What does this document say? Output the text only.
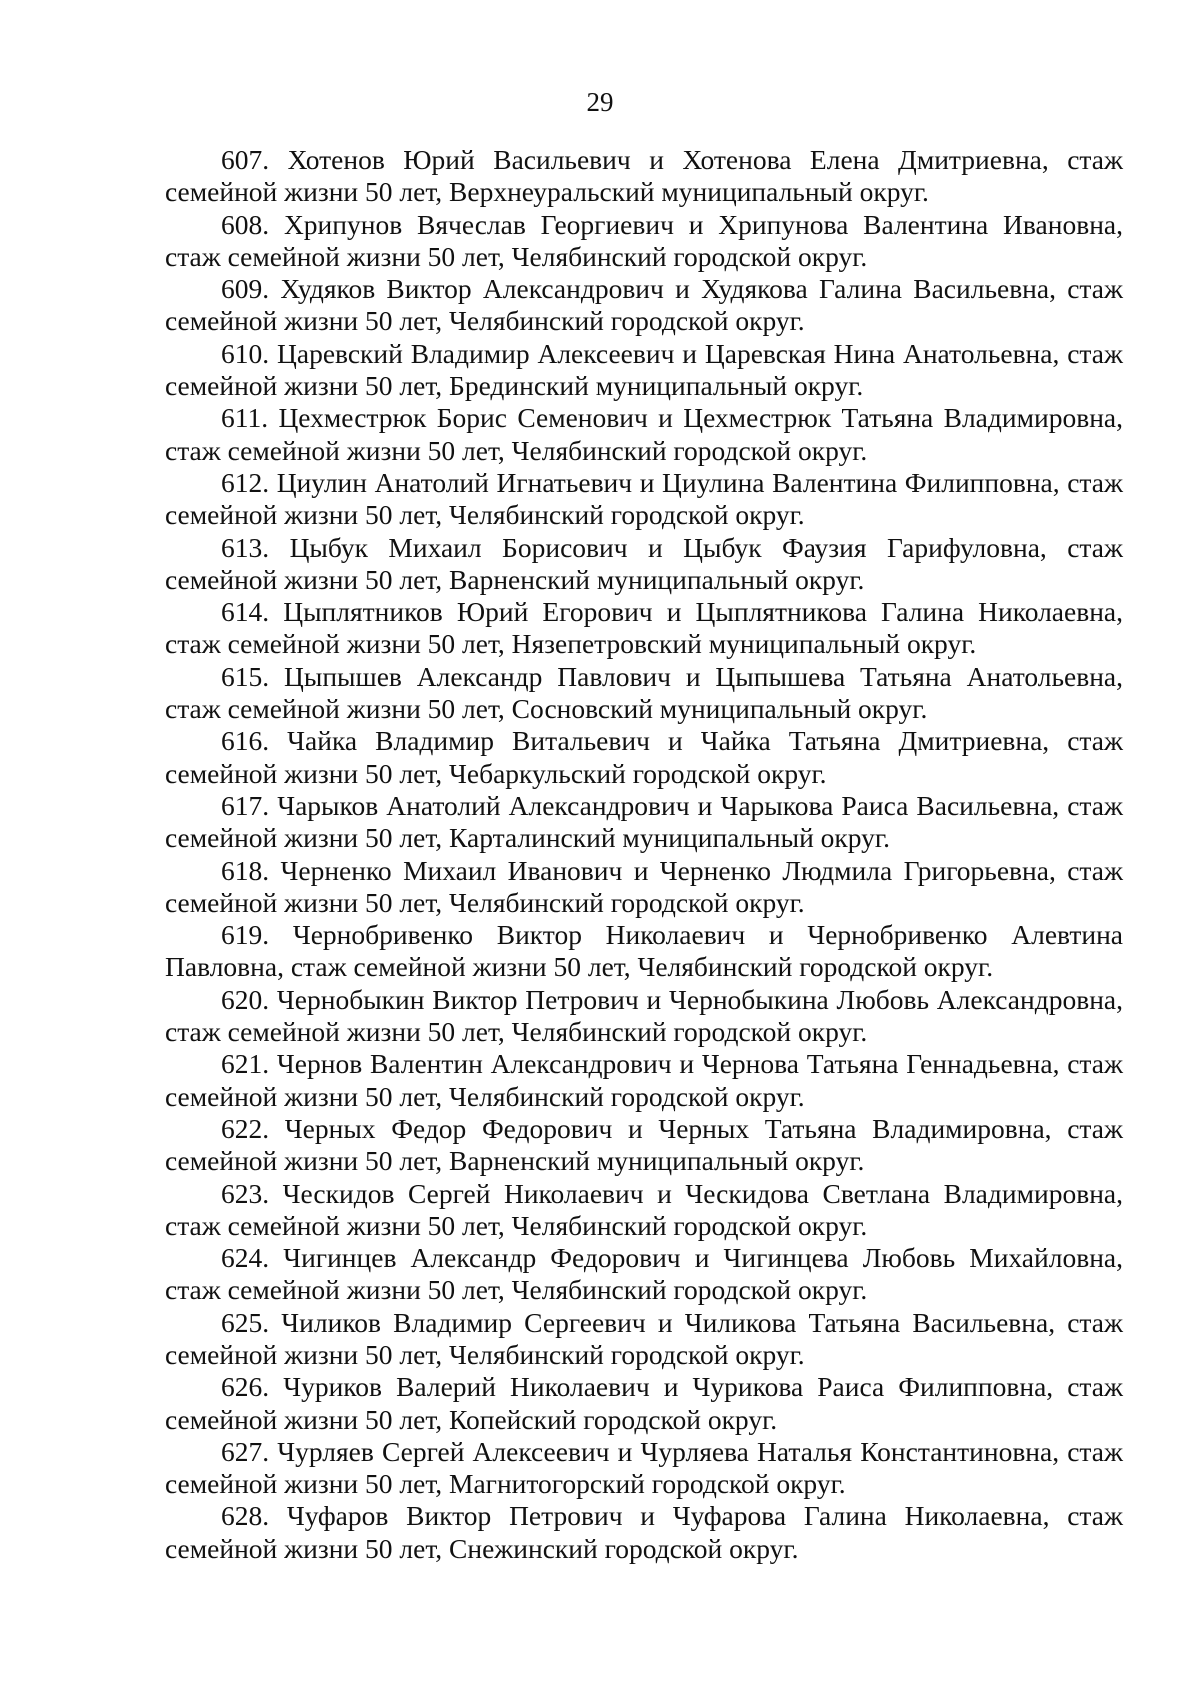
29

607. Хотенов Юрий Васильевич и Хотенова Елена Дмитриевна, стаж семейной жизни 50 лет, Верхнеуральский муниципальный округ.

608. Хрипунов Вячеслав Георгиевич и Хрипунова Валентина Ивановна, стаж семейной жизни 50 лет, Челябинский городской округ.

609. Худяков Виктор Александрович и Худякова Галина Васильевна, стаж семейной жизни 50 лет, Челябинский городской округ.

610. Царевский Владимир Алексеевич и Царевская Нина Анатольевна, стаж семейной жизни 50 лет, Брединский муниципальный округ.

611. Цехместрюк Борис Семенович и Цехместрюк Татьяна Владимировна, стаж семейной жизни 50 лет, Челябинский городской округ.

612. Циулин Анатолий Игнатьевич и Циулина Валентина Филипповна, стаж семейной жизни 50 лет, Челябинский городской округ.

613. Цыбук Михаил Борисович и Цыбук Фаузия Гарифуловна, стаж семейной жизни 50 лет, Варненский муниципальный округ.

614. Цыплятников Юрий Егорович и Цыплятникова Галина Николаевна, стаж семейной жизни 50 лет, Нязепетровский муниципальный округ.

615. Цыпышев Александр Павлович и Цыпышева Татьяна Анатольевна, стаж семейной жизни 50 лет, Сосновский муниципальный округ.

616. Чайка Владимир Витальевич и Чайка Татьяна Дмитриевна, стаж семейной жизни 50 лет, Чебаркульский городской округ.

617. Чарыков Анатолий Александрович и Чарыкова Раиса Васильевна, стаж семейной жизни 50 лет, Карталинский муниципальный округ.

618. Черненко Михаил Иванович и Черненко Людмила Григорьевна, стаж семейной жизни 50 лет, Челябинский городской округ.

619. Чернобривенко Виктор Николаевич и Чернобривенко Алевтина Павловна, стаж семейной жизни 50 лет, Челябинский городской округ.

620. Чернобыкин Виктор Петрович и Чернобыкина Любовь Александровна, стаж семейной жизни 50 лет, Челябинский городской округ.

621. Чернов Валентин Александрович и Чернова Татьяна Геннадьевна, стаж семейной жизни 50 лет, Челябинский городской округ.

622. Черных Федор Федорович и Черных Татьяна Владимировна, стаж семейной жизни 50 лет, Варненский муниципальный округ.

623. Ческидов Сергей Николаевич и Ческидова Светлана Владимировна, стаж семейной жизни 50 лет, Челябинский городской округ.

624. Чигинцев Александр Федорович и Чигинцева Любовь Михайловна, стаж семейной жизни 50 лет, Челябинский городской округ.

625. Чиликов Владимир Сергеевич и Чиликова Татьяна Васильевна, стаж семейной жизни 50 лет, Челябинский городской округ.

626. Чуриков Валерий Николаевич и Чурикова Раиса Филипповна, стаж семейной жизни 50 лет, Копейский городской округ.

627. Чурляев Сергей Алексеевич и Чурляева Наталья Константиновна, стаж семейной жизни 50 лет, Магнитогорский городской округ.

628. Чуфаров Виктор Петрович и Чуфарова Галина Николаевна, стаж семейной жизни 50 лет, Снежинский городской округ.
